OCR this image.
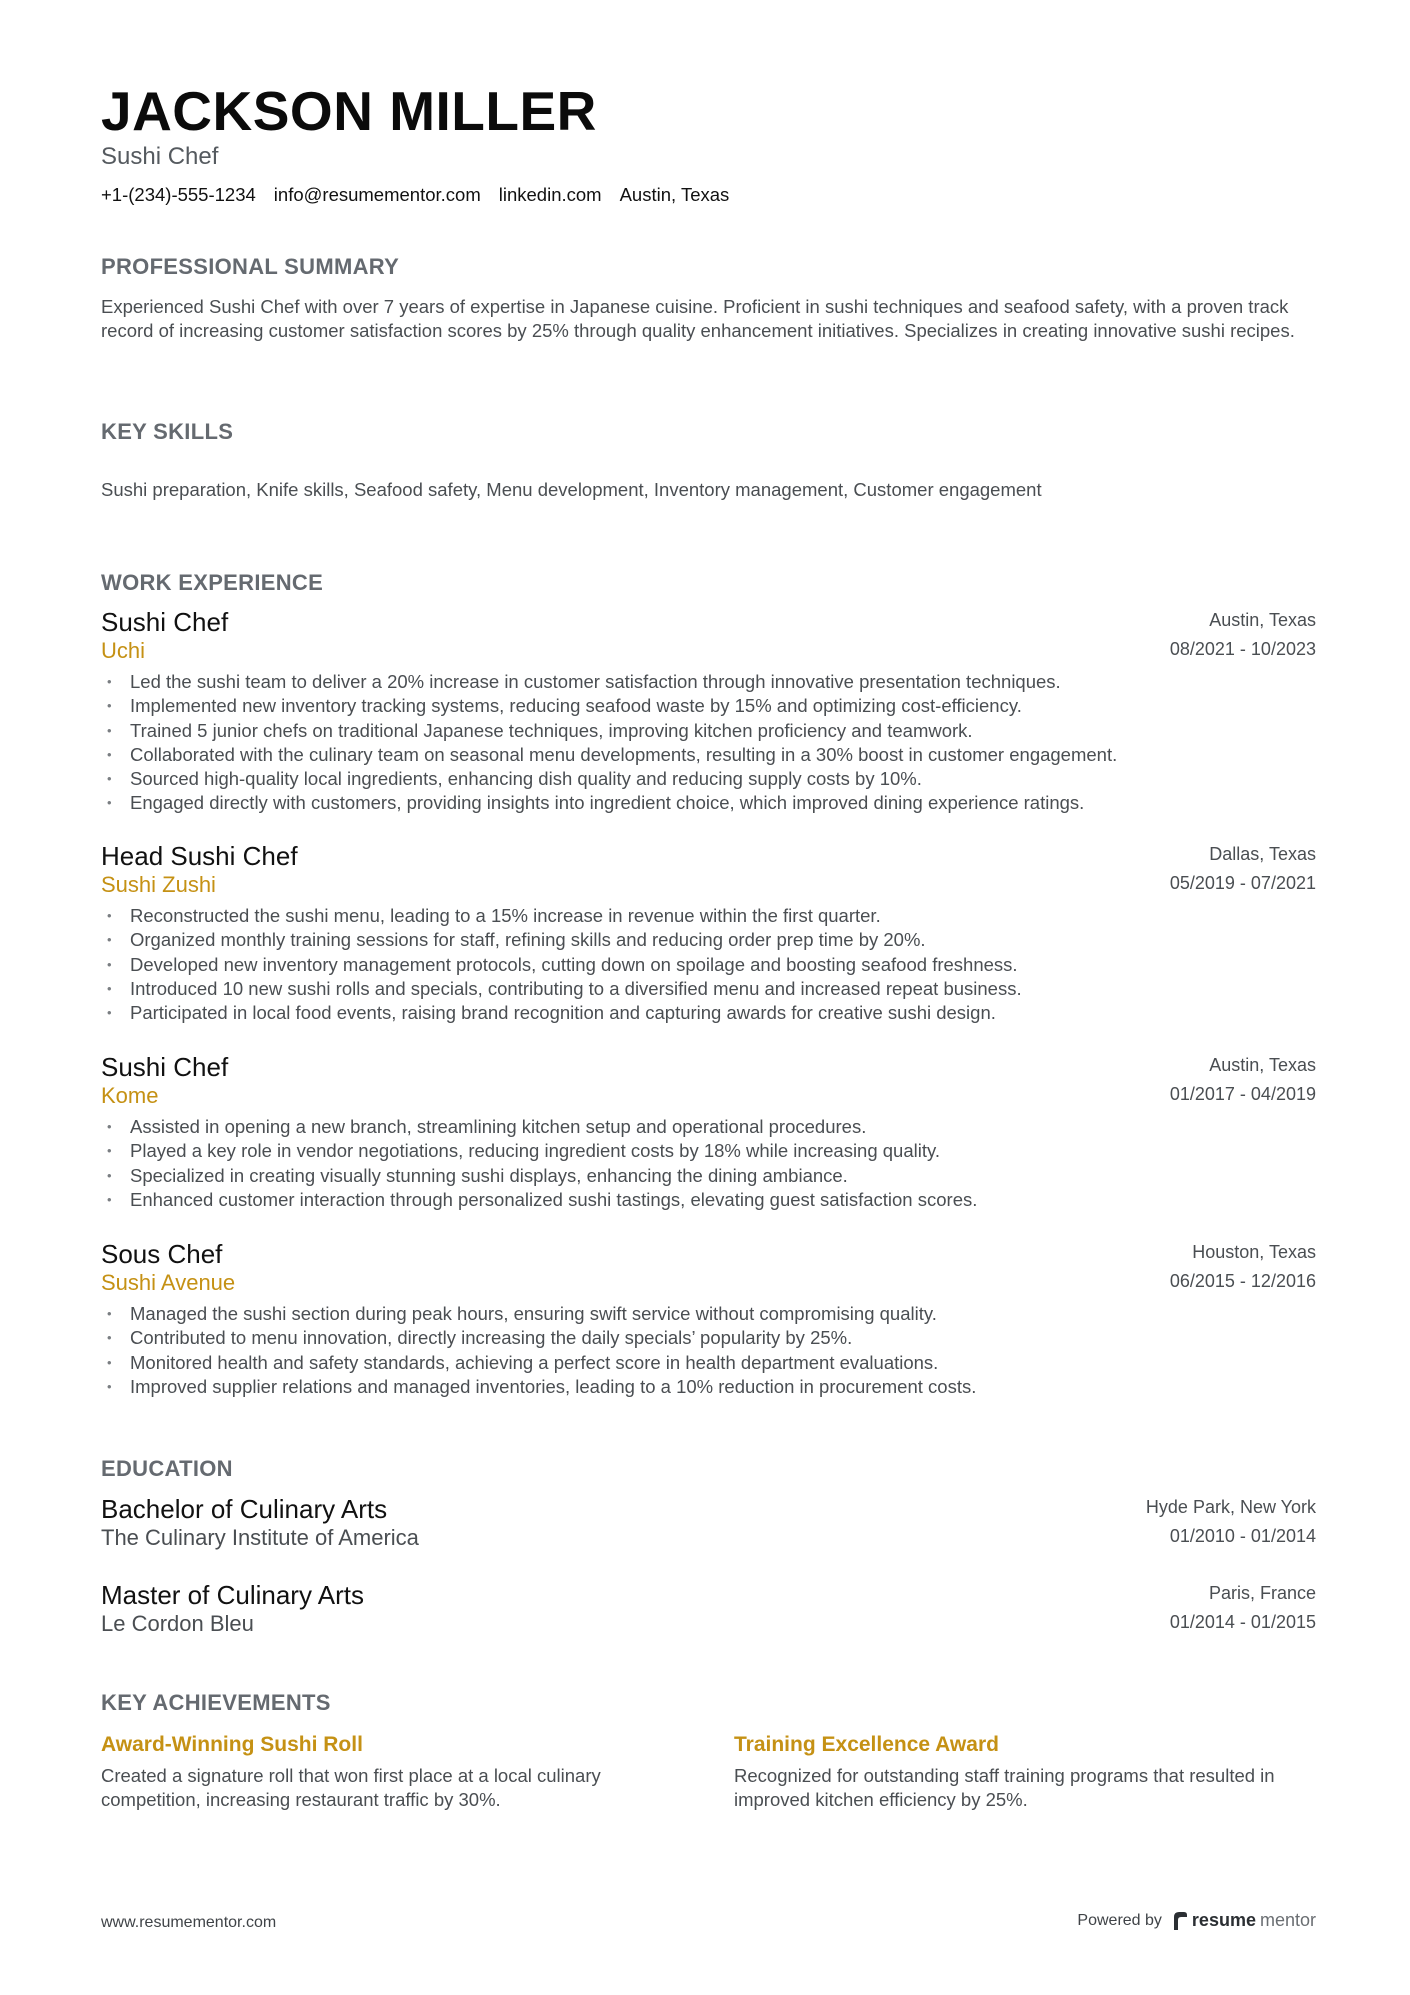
JACKSON MILLER
Sushi Chef
+1-(234)-555-1234 info@resumementor.com linkedin.com Austin, Texas
PROFESSIONAL SUMMARY
Experienced Sushi Chef with over 7 years of expertise in Japanese cuisine. Proficient in sushi techniques and seafood safety, with a proven track record of increasing customer satisfaction scores by 25% through quality enhancement initiatives. Specializes in creating innovative sushi recipes.
KEY SKILLS
Sushi preparation, Knife skills, Seafood safety, Menu development, Inventory management, Customer engagement
WORK EXPERIENCE
Sushi Chef
Uchi
Austin, Texas
08/2021 - 10/2023
• Led the sushi team to deliver a 20% increase in customer satisfaction through innovative presentation techniques.
• Implemented new inventory tracking systems, reducing seafood waste by 15% and optimizing cost-efficiency.
• Trained 5 junior chefs on traditional Japanese techniques, improving kitchen proficiency and teamwork.
• Collaborated with the culinary team on seasonal menu developments, resulting in a 30% boost in customer engagement.
• Sourced high-quality local ingredients, enhancing dish quality and reducing supply costs by 10%.
• Engaged directly with customers, providing insights into ingredient choice, which improved dining experience ratings.
Head Sushi Chef
Sushi Zushi
Dallas, Texas
05/2019 - 07/2021
• Reconstructed the sushi menu, leading to a 15% increase in revenue within the first quarter.
• Organized monthly training sessions for staff, refining skills and reducing order prep time by 20%.
• Developed new inventory management protocols, cutting down on spoilage and boosting seafood freshness.
• Introduced 10 new sushi rolls and specials, contributing to a diversified menu and increased repeat business.
• Participated in local food events, raising brand recognition and capturing awards for creative sushi design.
Sushi Chef
Kome
Austin, Texas
01/2017 - 04/2019
• Assisted in opening a new branch, streamlining kitchen setup and operational procedures.
• Played a key role in vendor negotiations, reducing ingredient costs by 18% while increasing quality.
• Specialized in creating visually stunning sushi displays, enhancing the dining ambiance.
• Enhanced customer interaction through personalized sushi tastings, elevating guest satisfaction scores.
Sous Chef
Sushi Avenue
Houston, Texas
06/2015 - 12/2016
• Managed the sushi section during peak hours, ensuring swift service without compromising quality.
• Contributed to menu innovation, directly increasing the daily specials’ popularity by 25%.
• Monitored health and safety standards, achieving a perfect score in health department evaluations.
• Improved supplier relations and managed inventories, leading to a 10% reduction in procurement costs.
EDUCATION
Bachelor of Culinary Arts
The Culinary Institute of America
Hyde Park, New York
01/2010 - 01/2014
Master of Culinary Arts
Le Cordon Bleu
Paris, France
01/2014 - 01/2015
KEY ACHIEVEMENTS
Award-Winning Sushi Roll
Created a signature roll that won first place at a local culinary competition, increasing restaurant traffic by 30%.
Training Excellence Award
Recognized for outstanding staff training programs that resulted in improved kitchen efficiency by 25%.
www.resumementor.com	Powered by resume mentor
